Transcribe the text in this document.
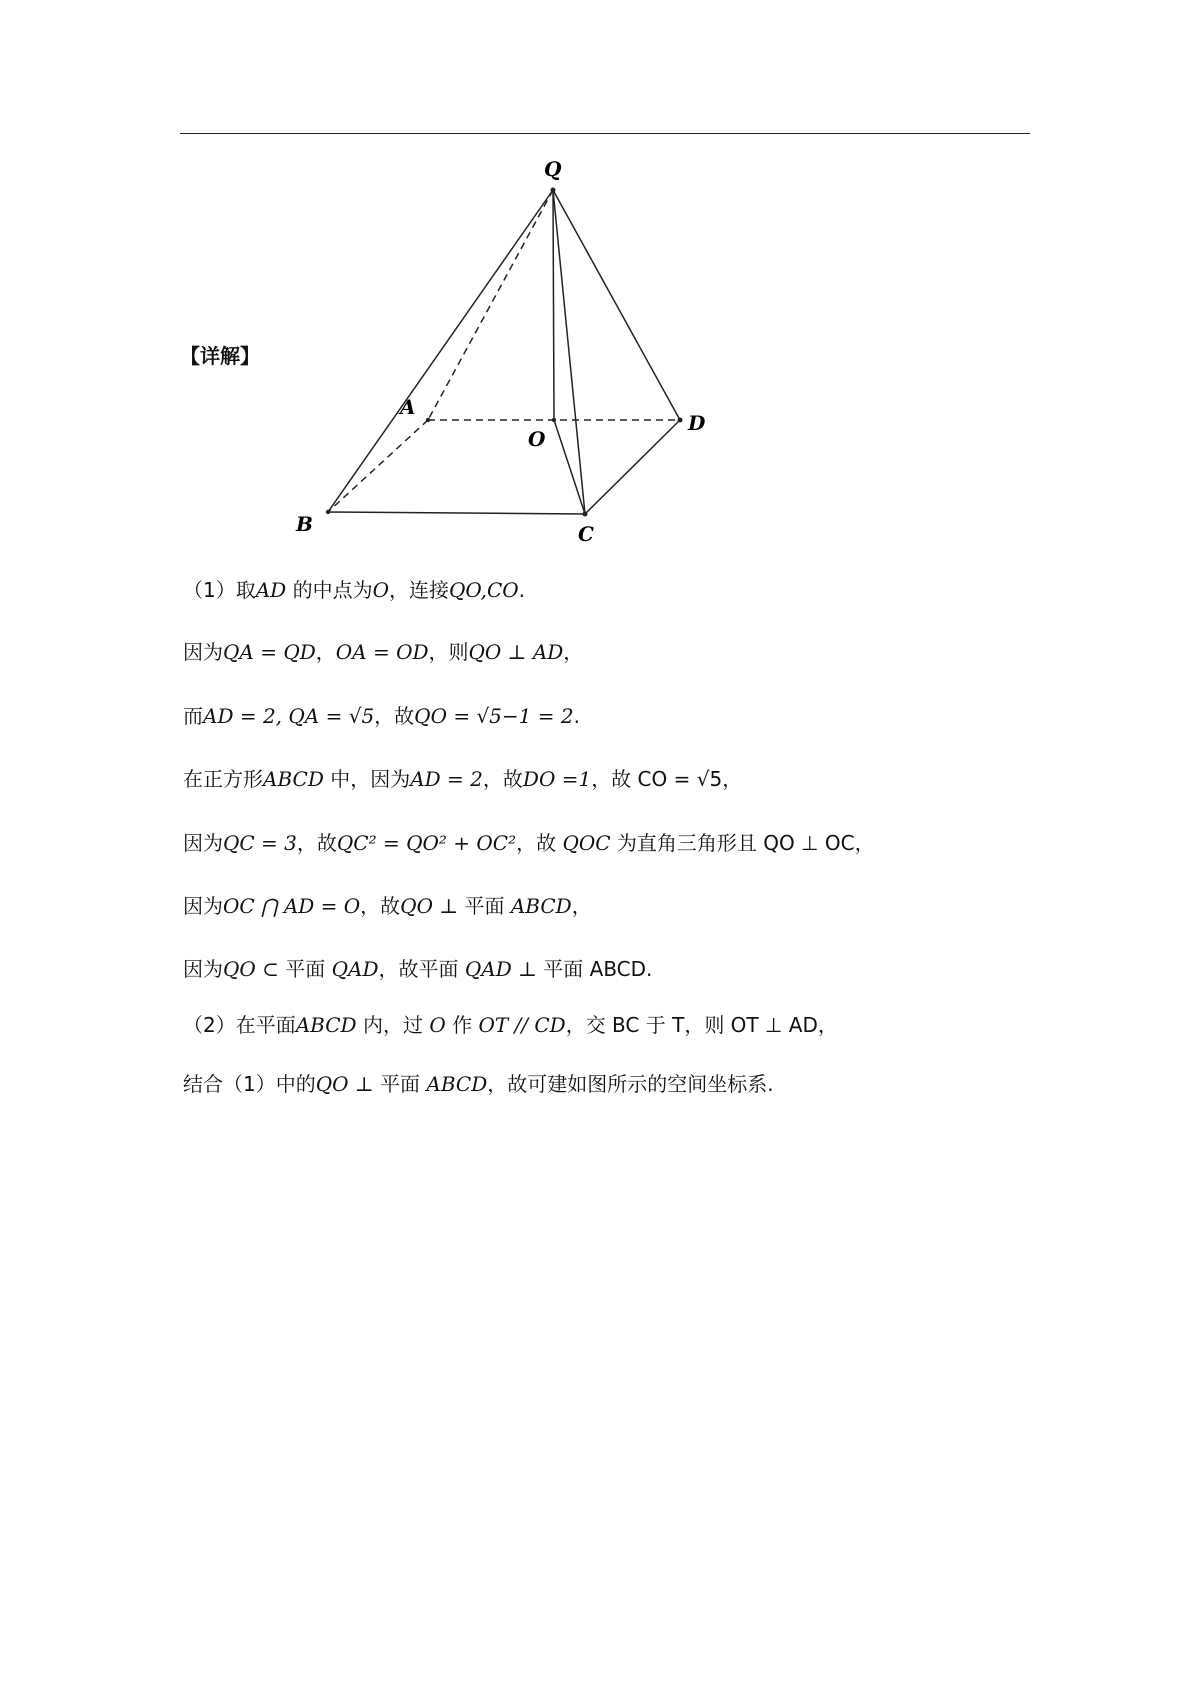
【详解】
Q
A
O
D
B	C
（1）取AD 的中点为O，连接QO,CO.
因为QA = QD，OA = OD，则QO ⊥ AD，
而AD = 2, QA = √5，故QO = √5−1 = 2.
在正方形ABCD 中，因为AD = 2，故DO =1，故 CO = √5，
因为QC = 3，故QC² = QO² + OC²，故 QOC 为直角三角形且 QO ⊥ OC，
因为OC ⋂ AD = O，故QO ⊥ 平面 ABCD，
因为QO ⊂ 平面 QAD，故平面 QAD ⊥ 平面 ABCD.
（2）在平面ABCD 内，过 O 作 OT // CD，交 BC 于 T，则 OT ⊥ AD，
结合（1）中的QO ⊥ 平面 ABCD，故可建如图所示的空间坐标系.
